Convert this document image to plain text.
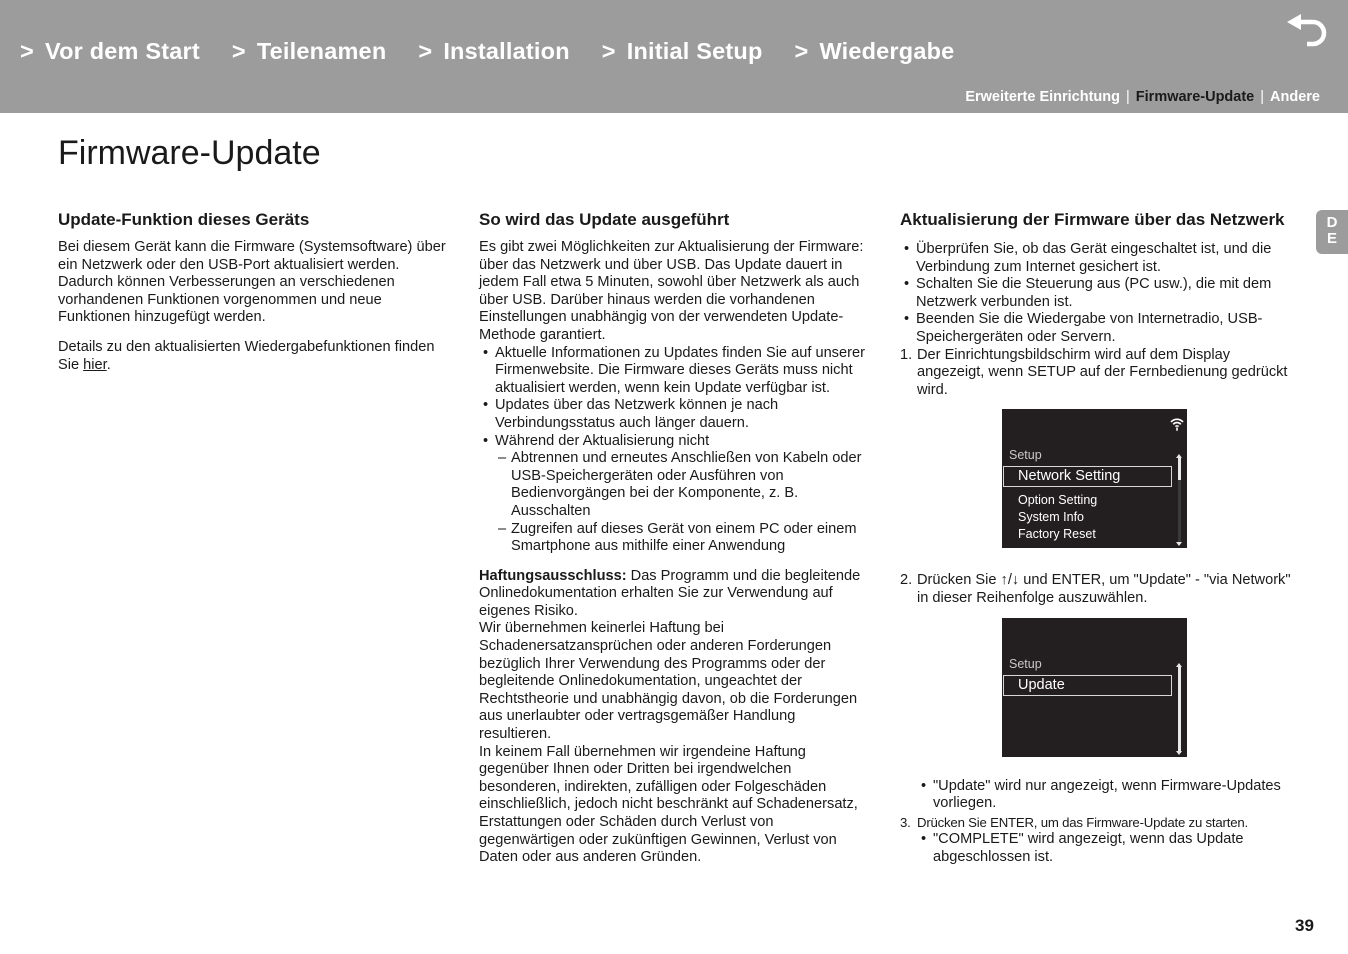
> Vor dem Start > Teilenamen > Installation > Initial Setup > Wiedergabe
Erweiterte Einrichtung | Firmware-Update | Andere
Firmware-Update
D
E
Update-Funktion dieses Geräts

Bei diesem Gerät kann die Firmware (Systemsoftware) über ein Netzwerk oder den USB-Port aktualisiert werden. Dadurch können Verbesserungen an verschiedenen vorhandenen Funktionen vorgenommen und neue Funktionen hinzugefügt werden.

Details zu den aktualisierten Wiedergabefunktionen finden Sie hier.

So wird das Update ausgeführt

Es gibt zwei Möglichkeiten zur Aktualisierung der Firmware: über das Netzwerk und über USB. Das Update dauert in jedem Fall etwa 5 Minuten, sowohl über Netzwerk als auch über USB. Darüber hinaus werden die vorhandenen Einstellungen unabhängig von der verwendeten Update-Methode garantiert.

• Aktuelle Informationen zu Updates finden Sie auf unserer Firmenwebsite. Die Firmware dieses Geräts muss nicht aktualisiert werden, wenn kein Update verfügbar ist.
• Updates über das Netzwerk können je nach Verbindungsstatus auch länger dauern.
• Während der Aktualisierung nicht
– Abtrennen und erneutes Anschließen von Kabeln oder USB-Speichergeräten oder Ausführen von Bedienvorgängen bei der Komponente, z. B. Ausschalten
– Zugreifen auf dieses Gerät von einem PC oder einem Smartphone aus mithilfe einer Anwendung

Haftungsausschluss: Das Programm und die begleitende Onlinedokumentation erhalten Sie zur Verwendung auf eigenes Risiko.

Wir übernehmen keinerlei Haftung bei Schadenersatzansprüchen oder anderen Forderungen bezüglich Ihrer Verwendung des Programms oder der begleitende Onlinedokumentation, ungeachtet der Rechtstheorie und unabhängig davon, ob die Forderungen aus unerlaubter oder vertragsgemäßer Handlung resultieren.

In keinem Fall übernehmen wir irgendeine Haftung gegenüber Ihnen oder Dritten bei irgendwelchen besonderen, indirekten, zufälligen oder Folgeschäden einschließlich, jedoch nicht beschränkt auf Schadenersatz, Erstattungen oder Schäden durch Verlust von gegenwärtigen oder zukünftigen Gewinnen, Verlust von Daten oder aus anderen Gründen.

Aktualisierung der Firmware über das Netzwerk
• Überprüfen Sie, ob das Gerät eingeschaltet ist, und die Verbindung zum Internet gesichert ist.
• Schalten Sie die Steuerung aus (PC usw.), die mit dem Netzwerk verbunden ist.
• Beenden Sie die Wiedergabe von Internetradio, USB-Speichergeräten oder Servern.
1. Der Einrichtungsbildschirm wird auf dem Display angezeigt, wenn SETUP auf der Fernbedienung gedrückt wird.
Setup
Network Setting
Option Setting
System Info
Factory Reset
2. Drücken Sie ↑/↓ und ENTER, um "Update" - "via Network" in dieser Reihenfolge auszuwählen.
Setup
Update
• "Update" wird nur angezeigt, wenn Firmware-Updates vorliegen.
3. Drücken Sie ENTER, um das Firmware-Update zu starten.
• "COMPLETE" wird angezeigt, wenn das Update abgeschlossen ist.
39
